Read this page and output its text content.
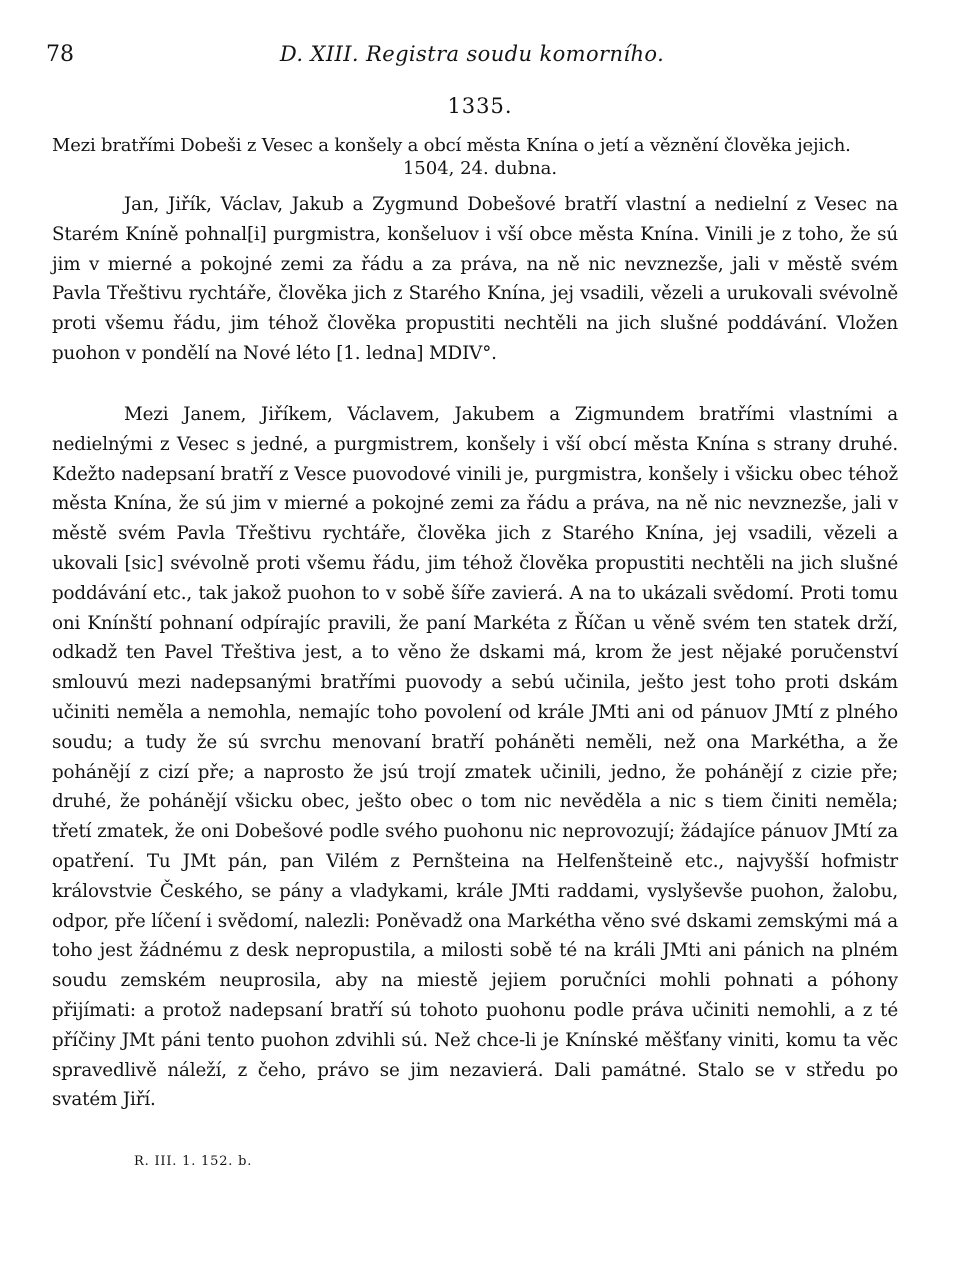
78	D. XIII. Registra soudu komorního.
1335.
Mezi bratřími Dobeši z Vesec a konšely a obcí města Knína o jetí a věznění člověka jejich.
1504, 24. dubna.

Jan, Jiřík, Václav, Jakub a Zygmund Dobešové bratří vlastní a nedielní z Vesec na Starém Kníně pohnal[i] purgmistra, konšeluov i vší obce města Knína. Vinili je z toho, že sú jim v mierné a pokojné zemi za řádu a za práva, na ně nic nevznezše, jali v městě svém Pavla Třeštivu rychtáře, člověka jich z Starého Knína, jej vsadili, vězeli a urukovali svévolně proti všemu řádu, jim téhož člověka propustiti nechtěli na jich slušné poddávání. Vložen puohon v pondělí na Nové léto [1. ledna] MDIV°.

Mezi Janem, Jiříkem, Václavem, Jakubem a Zigmundem bratřími vlastními a nedielnými z Vesec s jedné, a purgmistrem, konšely i vší obcí města Knína s strany druhé. Kdežto nadepsaní bratří z Vesce puovodové vinili je, purgmistra, konšely i všicku obec téhož města Knína, že sú jim v mierné a pokojné zemi za řádu a práva, na ně nic nevznezše, jali v městě svém Pavla Třeštivu rychtáře, člověka jich z Starého Knína, jej vsadili, vězeli a ukovali [sic] svévolně proti všemu řádu, jim téhož člověka propustiti nechtěli na jich slušné poddávání etc., tak jakož puohon to v sobě šíře zavierá. A na to ukázali svědomí. Proti tomu oni Knínští pohnaní odpírajíc pravili, že paní Markéta z Říčan u věně svém ten statek drží, odkadž ten Pavel Třeštiva jest, a to věno že dskami má, krom že jest nějaké poručenství smlouvú mezi nadepsanými bratřími puovody a sebú učinila, ješto jest toho proti dskám učiniti neměla a nemohla, nemajíc toho povolení od krále JMti ani od pánuov JMtí z plného soudu; a tudy že sú svrchu menovaní bratří poháněti neměli, než ona Markétha, a že pohánějí z cizí pře; a naprosto že jsú trojí zmatek učinili, jedno, že pohánějí z cizie pře; druhé, že pohánějí všicku obec, ješto obec o tom nic nevěděla a nic s tiem činiti neměla; třetí zmatek, že oni Dobešové podle svého puohonu nic neprovozují; žádajíce pánuov JMtí za opatření. Tu JMt pán, pan Vilém z Pernšteina na Helfenšteině etc., najvyšší hofmistr královstvie Českého, se pány a vladykami, krále JMti raddami, vyslyševše puohon, žalobu, odpor, pře líčení i svědomí, nalezli: Poněvadž ona Markétha věno své dskami zemskými má a toho jest žádnému z desk nepropustila, a milosti sobě té na králi JMti ani pánich na plném soudu zemském neuprosila, aby na miestě jejiem poručníci mohli pohnati a póhony přijímati: a protož nadepsaní bratří sú tohoto puohonu podle práva učiniti nemohli, a z té příčiny JMt páni tento puohon zdvihli sú. Než chce-li je Knínské měšťany viniti, komu ta věc spravedlivě náleží, z čeho, právo se jim nezavierá. Dali památné. Stalo se v středu po svatém Jiří.

R. III. 1. 152. b.
